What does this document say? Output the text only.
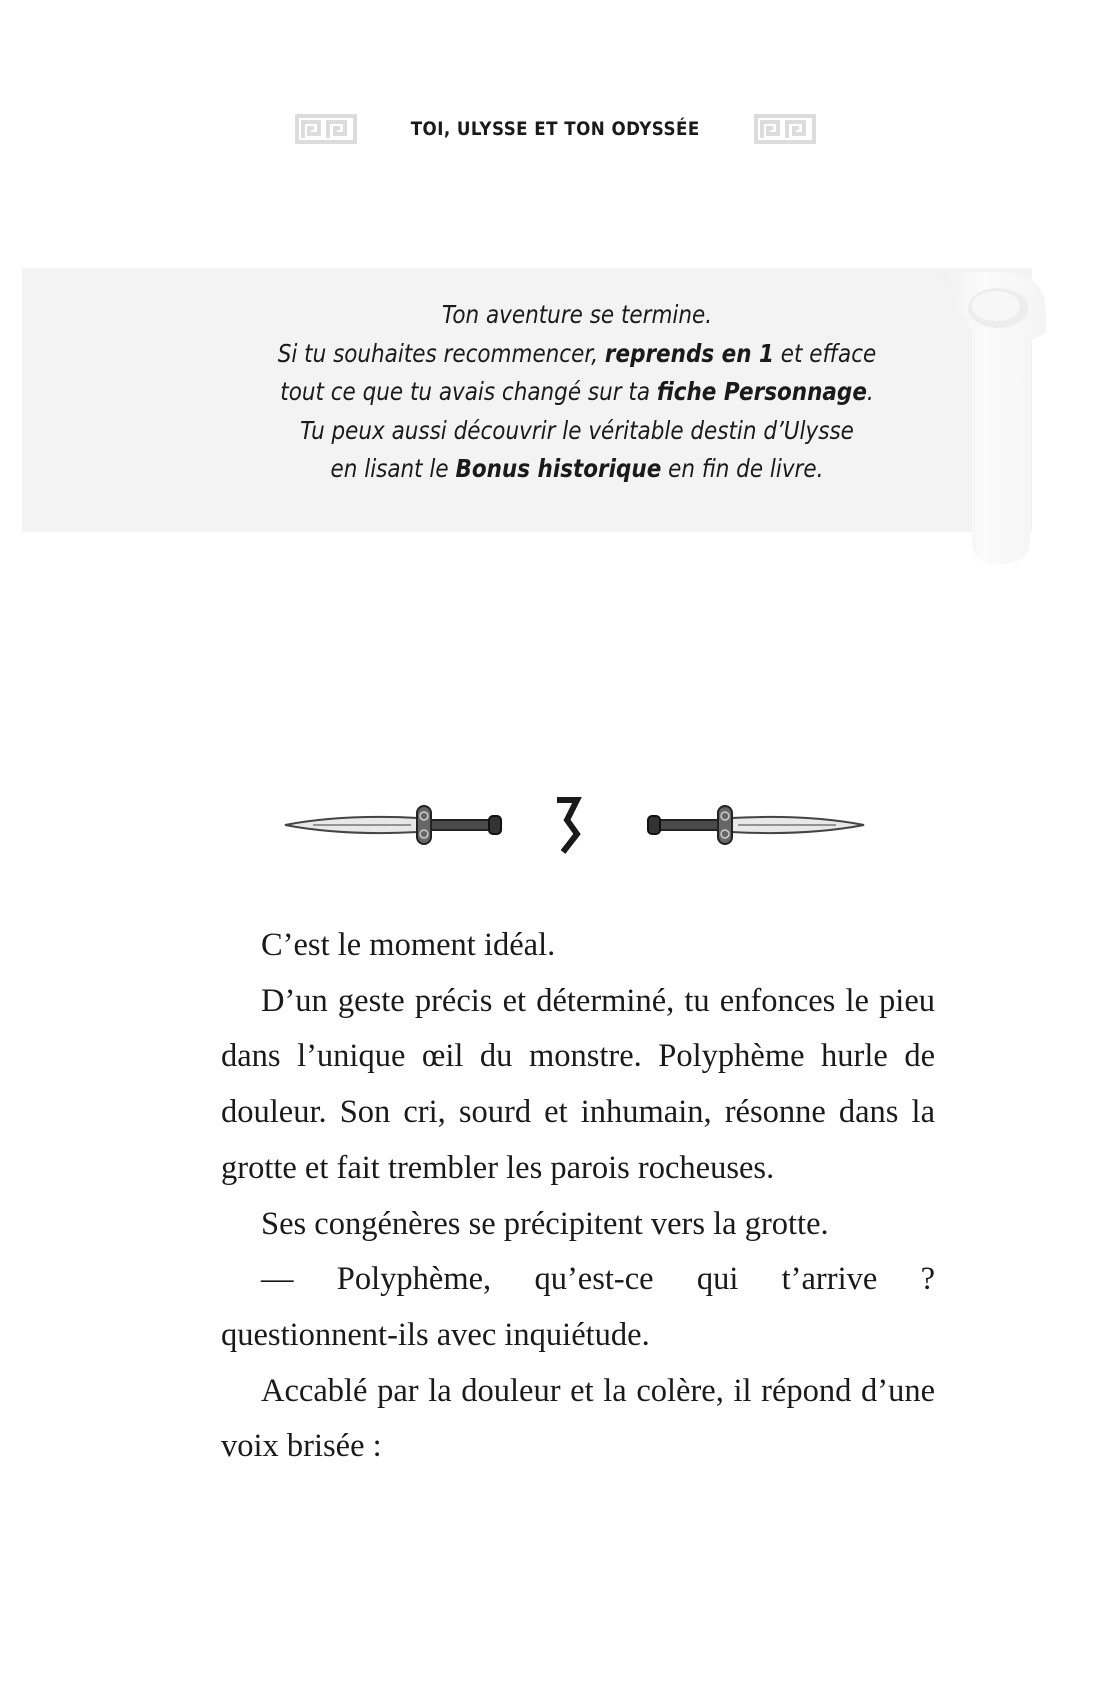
TOI, ULYSSE ET TON ODYSSÉE
Ton aventure se termine.
Si tu souhaites recommencer, reprends en 1 et efface
tout ce que tu avais changé sur ta fiche Personnage.
Tu peux aussi découvrir le véritable destin d’Ulysse
en lisant le Bonus historique en fin de livre.

C’est le moment idéal.

D’un geste précis et déterminé, tu enfonces le pieu dans l’unique œil du monstre. Polyphème hurle de douleur. Son cri, sourd et inhumain, résonne dans la grotte et fait trembler les parois rocheuses.

Ses congénères se précipitent vers la grotte.

— Polyphème, qu’est-ce qui t’arrive ? questionnent-ils avec inquiétude.

Accablé par la douleur et la colère, il répond d’une voix brisée :
